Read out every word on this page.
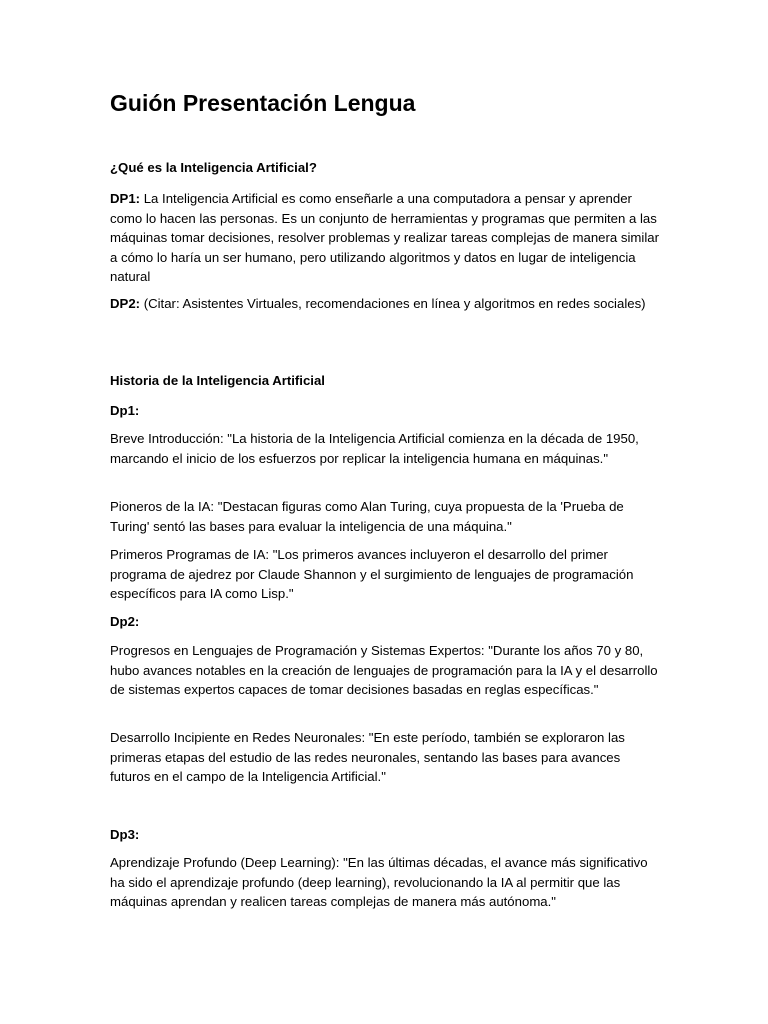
Guión Presentación Lengua

¿Qué es la Inteligencia Artificial?

DP1: La Inteligencia Artificial es como enseñarle a una computadora a pensar y aprender como lo hacen las personas. Es un conjunto de herramientas y programas que permiten a las máquinas tomar decisiones, resolver problemas y realizar tareas complejas de manera similar a cómo lo haría un ser humano, pero utilizando algoritmos y datos en lugar de inteligencia natural

DP2: (Citar: Asistentes Virtuales, recomendaciones en línea y algoritmos en redes sociales)

Historia de la Inteligencia Artificial

Dp1:

Breve Introducción: "La historia de la Inteligencia Artificial comienza en la década de 1950, marcando el inicio de los esfuerzos por replicar la inteligencia humana en máquinas."

Pioneros de la IA: "Destacan figuras como Alan Turing, cuya propuesta de la 'Prueba de Turing' sentó las bases para evaluar la inteligencia de una máquina."

Primeros Programas de IA: "Los primeros avances incluyeron el desarrollo del primer programa de ajedrez por Claude Shannon y el surgimiento de lenguajes de programación específicos para IA como Lisp."

Dp2:

Progresos en Lenguajes de Programación y Sistemas Expertos: "Durante los años 70 y 80, hubo avances notables en la creación de lenguajes de programación para la IA y el desarrollo de sistemas expertos capaces de tomar decisiones basadas en reglas específicas."

Desarrollo Incipiente en Redes Neuronales: "En este período, también se exploraron las primeras etapas del estudio de las redes neuronales, sentando las bases para avances futuros en el campo de la Inteligencia Artificial."

Dp3:

Aprendizaje Profundo (Deep Learning): "En las últimas décadas, el avance más significativo ha sido el aprendizaje profundo (deep learning), revolucionando la IA al permitir que las máquinas aprendan y realicen tareas complejas de manera más autónoma."
